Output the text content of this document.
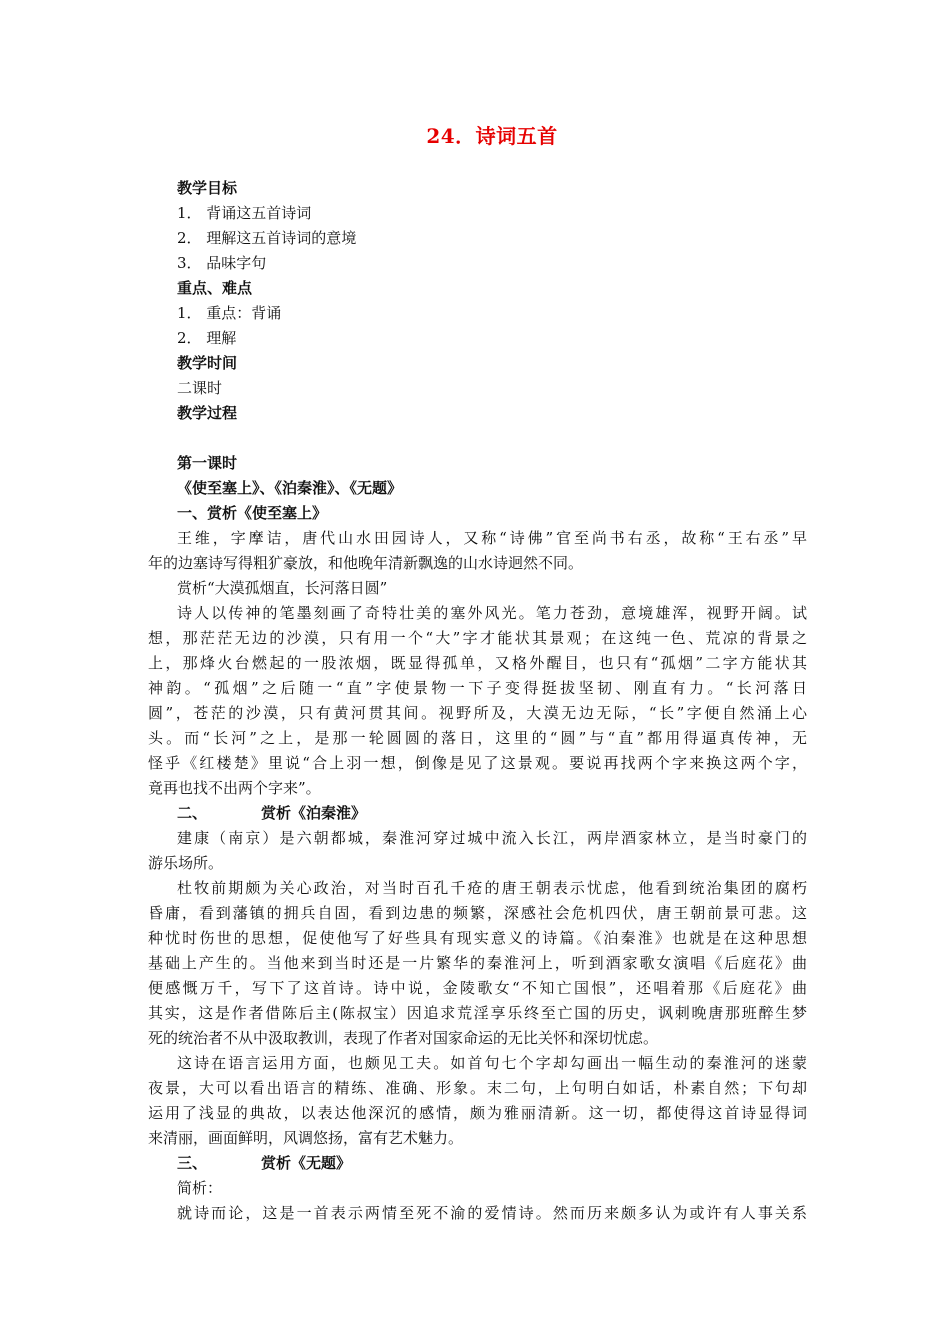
24．诗词五首
教学目标
1． 背诵这五首诗词
2． 理解这五首诗词的意境
3． 品味字句
重点、难点
1． 重点：背诵
2． 理解
教学时间
二课时
教学过程
第一课时
《使至塞上》、《泊秦淮》、《无题》
一、赏析《使至塞上》
王维，字摩诘，唐代山水田园诗人，又称“诗佛”官至尚书右丞，故称“王右丞”早
年的边塞诗写得粗犷豪放，和他晚年清新飘逸的山水诗迥然不同。
赏析“大漠孤烟直，长河落日圆”
诗人以传神的笔墨刻画了奇特壮美的塞外风光。笔力苍劲，意境雄浑，视野开阔。试
想，那茫茫无边的沙漠，只有用一个“大”字才能状其景观；在这纯一色、荒凉的背景之
上，那烽火台燃起的一股浓烟，既显得孤单，又格外醒目，也只有“孤烟”二字方能状其
神韵。“孤烟”之后随一“直”字使景物一下子变得挺拔坚韧、刚直有力。“长河落日
圆”，苍茫的沙漠，只有黄河贯其间。视野所及，大漠无边无际，“长”字便自然涌上心
头。而“长河”之上，是那一轮圆圆的落日，这里的“圆”与“直”都用得逼真传神，无
怪乎《红楼楚》里说“合上羽一想，倒像是见了这景观。要说再找两个字来换这两个字，
竟再也找不出两个字来”。
二、	赏析《泊秦淮》
建康（南京）是六朝都城，秦淮河穿过城中流入长江，两岸酒家林立，是当时豪门的
游乐场所。
杜牧前期颇为关心政治，对当时百孔千疮的唐王朝表示忧虑，他看到统治集团的腐朽
昏庸，看到藩镇的拥兵自固，看到边患的频繁，深感社会危机四伏，唐王朝前景可悲。这
种忧时伤世的思想，促使他写了好些具有现实意义的诗篇。《泊秦淮》也就是在这种思想
基础上产生的。当他来到当时还是一片繁华的秦淮河上，听到酒家歌女演唱《后庭花》曲
便感慨万千，写下了这首诗。诗中说，金陵歌女“不知亡国恨”，还唱着那《后庭花》曲
其实，这是作者借陈后主(陈叔宝）因追求荒淫享乐终至亡国的历史，讽刺晚唐那班醉生梦
死的统治者不从中汲取教训，表现了作者对国家命运的无比关怀和深切忧虑。
这诗在语言运用方面，也颇见工夫。如首句七个字却勾画出一幅生动的秦淮河的迷蒙
夜景，大可以看出语言的精练、准确、形象。末二句，上句明白如话，朴素自然；下句却
运用了浅显的典故，以表达他深沉的感情，颇为雅丽清新。这一切，都使得这首诗显得词
来清丽，画面鲜明，风调悠扬，富有艺术魅力。
三、	赏析《无题》
简析：
就诗而论，这是一首表示两情至死不渝的爱情诗。然而历来颇多认为或许有人事关系
